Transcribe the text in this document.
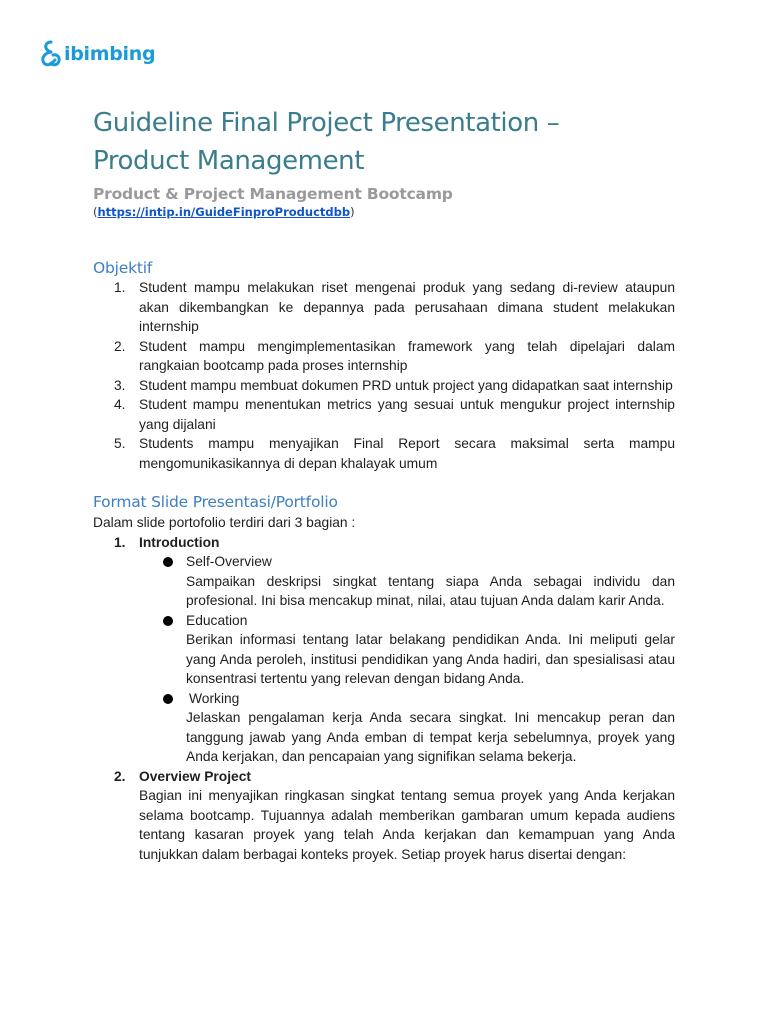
ibimbing
Guideline Final Project Presentation –
Product Management
Product & Project Management Bootcamp
(https://intip.in/GuideFinproProductdbb)
Objektif
1. Student mampu melakukan riset mengenai produk yang sedang di-review ataupun akan dikembangkan ke depannya pada perusahaan dimana student melakukan internship
2. Student mampu mengimplementasikan framework yang telah dipelajari dalam rangkaian bootcamp pada proses internship
3. Student mampu membuat dokumen PRD untuk project yang didapatkan saat internship
4. Student mampu menentukan metrics yang sesuai untuk mengukur project internship yang dijalani
5. Students mampu menyajikan Final Report secara maksimal serta mampu mengomunikasikannya di depan khalayak umum
Format Slide Presentasi/Portfolio
Dalam slide portofolio terdiri dari 3 bagian :
1. Introduction
Self-Overview
Sampaikan deskripsi singkat tentang siapa Anda sebagai individu dan profesional. Ini bisa mencakup minat, nilai, atau tujuan Anda dalam karir Anda.
Education
Berikan informasi tentang latar belakang pendidikan Anda. Ini meliputi gelar yang Anda peroleh, institusi pendidikan yang Anda hadiri, dan spesialisasi atau konsentrasi tertentu yang relevan dengan bidang Anda.
Working
Jelaskan pengalaman kerja Anda secara singkat. Ini mencakup peran dan tanggung jawab yang Anda emban di tempat kerja sebelumnya, proyek yang Anda kerjakan, dan pencapaian yang signifikan selama bekerja.
2. Overview Project
Bagian ini menyajikan ringkasan singkat tentang semua proyek yang Anda kerjakan selama bootcamp. Tujuannya adalah memberikan gambaran umum kepada audiens tentang kasaran proyek yang telah Anda kerjakan dan kemampuan yang Anda tunjukkan dalam berbagai konteks proyek. Setiap proyek harus disertai dengan:
